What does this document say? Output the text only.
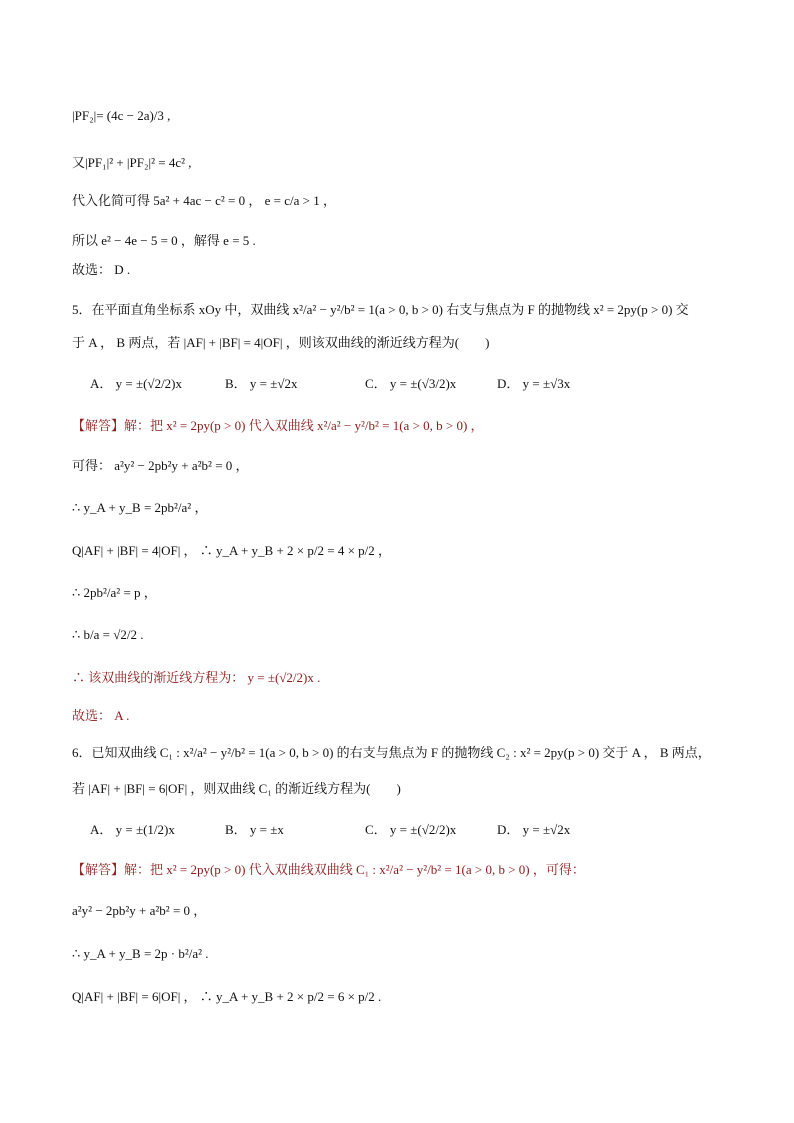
|PF₂|= (4c − 2a)/3 ,
又|PF₁|² + |PF₂|² = 4c² ,
代入化简可得 5a² + 4ac − c² = 0 ， e = c/a > 1 ，
所以 e² − 4e − 5 = 0 ，解得 e = 5 .
故选： D .
5．在平面直角坐标系 xOy 中，双曲线 x²/a² − y²/b² = 1(a > 0, b > 0) 右支与焦点为 F 的抛物线 x² = 2py(p > 0) 交
于 A ， B 两点，若 |AF| + |BF| = 4|OF| ，则该双曲线的渐近线方程为(　　)
A． y = ±(√2/2)x	B． y = ±√2x	C． y = ±(√3/2)x	D． y = ±√3x
【解答】解：把 x² = 2py(p > 0) 代入双曲线 x²/a² − y²/b² = 1(a > 0, b > 0) ，
可得： a²y² − 2pb²y + a²b² = 0 ，
∴ y_A + y_B = 2pb²/a² ，
Q|AF| + |BF| = 4|OF| ， ∴ y_A + y_B + 2 × p/2 = 4 × p/2 ，
∴ 2pb²/a² = p ，
∴ b/a = √2/2 .
∴ 该双曲线的渐近线方程为： y = ±(√2/2)x .
故选： A .
6．已知双曲线 C₁ : x²/a² − y²/b² = 1(a > 0, b > 0) 的右支与焦点为 F 的抛物线 C₂ : x² = 2py(p > 0) 交于 A ， B 两点，
若 |AF| + |BF| = 6|OF| ，则双曲线 C₁ 的渐近线方程为(　　)
A． y = ±(1/2)x	B． y = ±x	C． y = ±(√2/2)x	D． y = ±√2x
【解答】解：把 x² = 2py(p > 0) 代入双曲线双曲线 C₁ : x²/a² − y²/b² = 1(a > 0, b > 0) ，可得：
a²y² − 2pb²y + a²b² = 0 ，
∴ y_A + y_B = 2p · b²/a² .
Q|AF| + |BF| = 6|OF| ， ∴ y_A + y_B + 2 × p/2 = 6 × p/2 .
